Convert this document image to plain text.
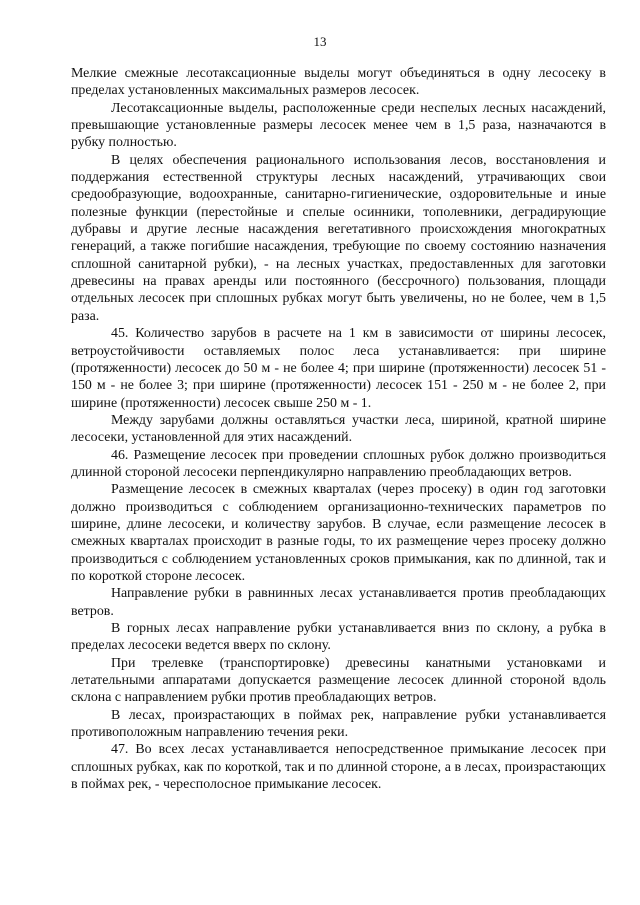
13

Мелкие смежные лесотаксационные выделы могут объединяться в одну лесосеку в пределах установленных максимальных размеров лесосек.

Лесотаксационные выделы, расположенные среди неспелых лесных насаждений, превышающие установленные размеры лесосек менее чем в 1,5 раза, назначаются в рубку полностью.

В целях обеспечения рационального использования лесов, восстановления и поддержания естественной структуры лесных насаждений, утрачивающих свои средообразующие, водоохранные, санитарно-гигиенические, оздоровительные и иные полезные функции (перестойные и спелые осинники, тополевники, деградирующие дубравы и другие лесные насаждения вегетативного происхождения многократных генераций, а также погибшие насаждения, требующие по своему состоянию назначения сплошной санитарной рубки), - на лесных участках, предоставленных для заготовки древесины на правах аренды или постоянного (бессрочного) пользования, площади отдельных лесосек при сплошных рубках могут быть увеличены, но не более, чем в 1,5 раза.

45. Количество зарубов в расчете на 1 км в зависимости от ширины лесосек, ветроустойчивости оставляемых полос леса устанавливается: при ширине (протяженности) лесосек до 50 м - не более 4; при ширине (протяженности) лесосек 51 - 150 м - не более 3; при ширине (протяженности) лесосек 151 - 250 м - не более 2, при ширине (протяженности) лесосек свыше 250 м - 1.

Между зарубами должны оставляться участки леса, шириной, кратной ширине лесосеки, установленной для этих насаждений.

46. Размещение лесосек при проведении сплошных рубок должно производиться длинной стороной лесосеки перпендикулярно направлению преобладающих ветров.

Размещение лесосек в смежных кварталах (через просеку) в один год заготовки должно производиться с соблюдением организационно-технических параметров по ширине, длине лесосеки, и количеству зарубов. В случае, если размещение лесосек в смежных кварталах происходит в разные годы, то их размещение через просеку должно производиться с соблюдением установленных сроков примыкания, как по длинной, так и по короткой стороне лесосек.

Направление рубки в равнинных лесах устанавливается против преобладающих ветров.

В горных лесах направление рубки устанавливается вниз по склону, а рубка в пределах лесосеки ведется вверх по склону.

При трелевке (транспортировке) древесины канатными установками и летательными аппаратами допускается размещение лесосек длинной стороной вдоль склона с направлением рубки против преобладающих ветров.

В лесах, произрастающих в поймах рек, направление рубки устанавливается противоположным направлению течения реки.

47. Во всех лесах устанавливается непосредственное примыкание лесосек при сплошных рубках, как по короткой, так и по длинной стороне, а в лесах, произрастающих в поймах рек, - чересполосное примыкание лесосек.
